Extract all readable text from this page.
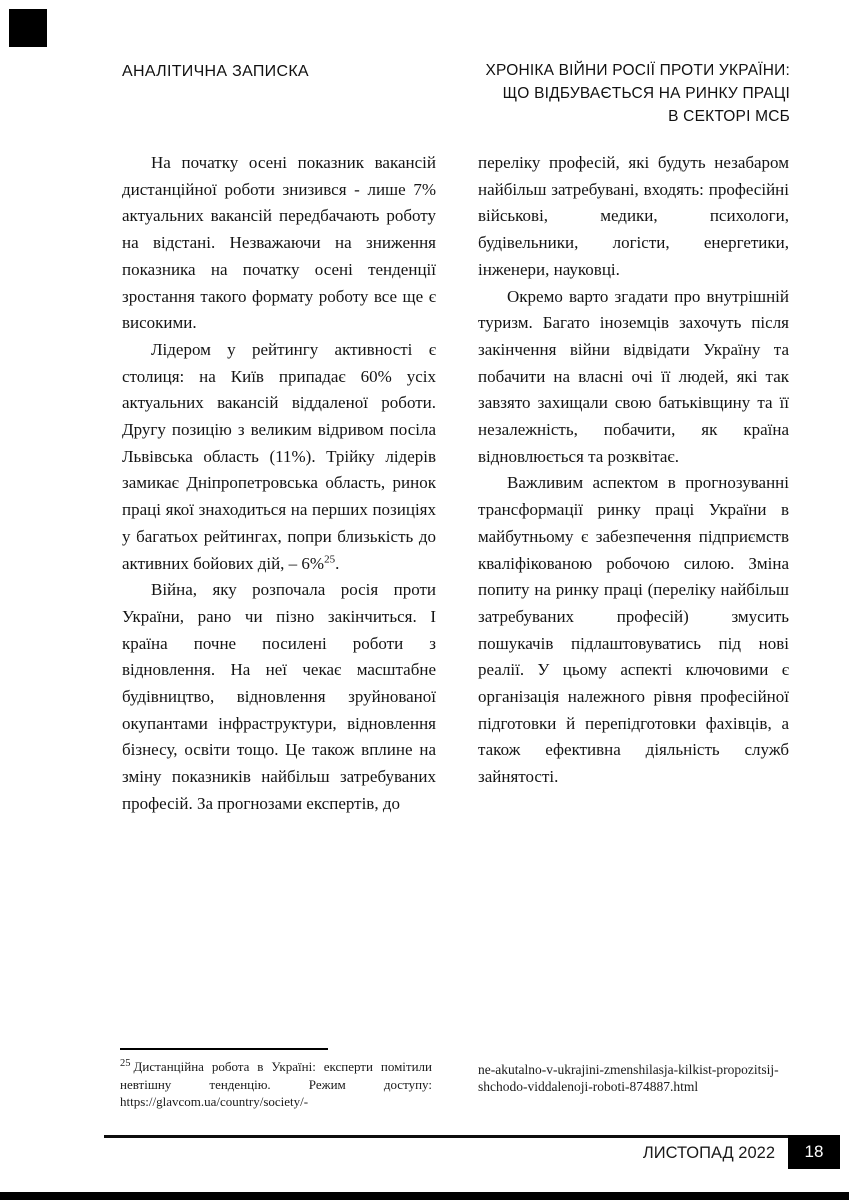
АНАЛІТИЧНА ЗАПИСКА	ХРОНІКА ВІЙНИ РОСІЇ ПРОТИ УКРАЇНИ:
ЩО ВІДБУВАЄТЬСЯ НА РИНКУ ПРАЦІ
В СЕКТОРІ МСБ

На початку осені показник вакансій дистанційної роботи знизився - лише 7% актуальних вакансій передбачають роботу на відстані. Незважаючи на зниження показника на початку осені тенденції зростання такого формату роботу все ще є високими.

Лідером у рейтингу активності є столиця: на Київ припадає 60% усіх актуальних вакансій віддаленої роботи. Другу позицію з великим відривом посіла Львівська область (11%). Трійку лідерів замикає Дніпропетровська область, ринок праці якої знаходиться на перших позиціях у багатьох рейтингах, попри близькість до активних бойових дій, – 6%$^{25}$.

Війна, яку розпочала росія проти України, рано чи пізно закінчиться. І країна почне посилені роботи з відновлення. На неї чекає масштабне будівництво, відновлення зруйнованої окупантами інфраструктури, відновлення бізнесу, освіти тощо. Це також вплине на зміну показників найбільш затребуваних професій. За прогнозами експертів, до

переліку професій, які будуть незабаром найбільш затребувані, входять: професійні військові, медики, психологи, будівельники, логісти, енергетики, інженери, науковці.

Окремо варто згадати про внутрішній туризм. Багато іноземців захочуть після закінчення війни відвідати Україну та побачити на власні очі її людей, які так завзято захищали свою батьківщину та її незалежність, побачити, як країна відновлюється та розквітає.

Важливим аспектом в прогнозуванні трансформації ринку праці України в майбутньому є забезпечення підприємств кваліфікованою робочою силою. Зміна попиту на ринку праці (переліку найбільш затребуваних професій) змусить пошукачів підлаштовуватись під нові реалії. У цьому аспекті ключовими є організація належного рівня професійної підготовки й перепідготовки фахівців, а також ефективна діяльність служб зайнятості.

$^{25}$ Дистанційна робота в Україні: експерти помітили невтішну тенденцію. Режим доступу: https://glavcom.ua/country/society/-

ne-akutalno-v-ukrajini-zmenshilasja-kilkist-propozitsij-shchodo-viddalenoji-roboti-874887.html
ЛИСТОПАД 2022 18
